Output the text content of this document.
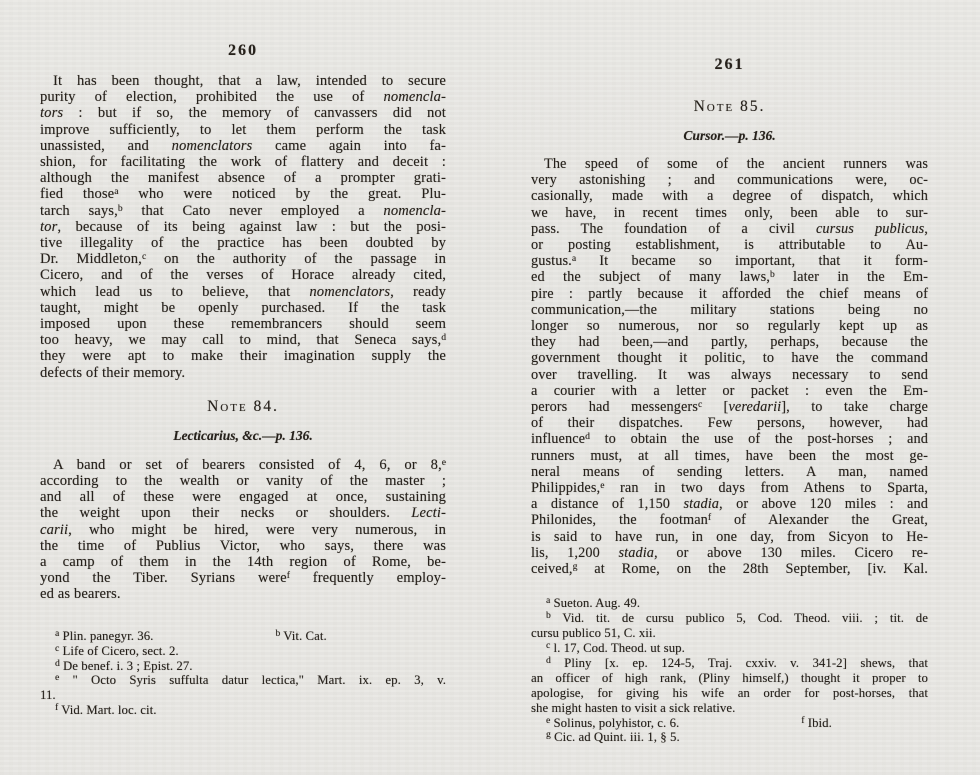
260
It has been thought, that a law, intended to secure
purity of election, prohibited the use of nomencla-
tors : but if so, the memory of canvassers did not
improve sufficiently, to let them perform the task
unassisted, and nomenclators came again into fa-
shion, for facilitating the work of flattery and deceit :
although the manifest absence of a prompter grati-
fied those$^a$ who were noticed by the great. Plu-
tarch says,$^b$ that Cato never employed a nomencla-
tor, because of its being against law : but the posi-
tive illegality of the practice has been doubted by
Dr. Middleton,$^c$ on the authority of the passage in
Cicero, and of the verses of Horace already cited,
which lead us to believe, that nomenclators, ready
taught, might be openly purchased. If the task
imposed upon these remembrancers should seem
too heavy, we may call to mind, that Seneca says,$^d$
they were apt to make their imagination supply the
defects of their memory.
Note 84.
Lecticarius, &c.—p. 136.
A band or set of bearers consisted of 4, 6, or 8,$^e$
according to the wealth or vanity of the master ;
and all of these were engaged at once, sustaining
the weight upon their necks or shoulders. Lecti-
carii, who might be hired, were very numerous, in
the time of Publius Victor, who says, there was
a camp of them in the 14th region of Rome, be-
yond the Tiber. Syrians were$^f$ frequently employ-
ed as bearers.
$^a$ Plin. panegyr. 36.	$^b$ Vit. Cat.
$^c$ Life of Cicero, sect. 2.
$^d$ De benef. i. 3 ; Epist. 27.
$^e$ " Octo Syris suffulta datur lectica," Mart. ix. ep. 3, v.
11.
$^f$ Vid. Mart. loc. cit.
261
Note 85.
Cursor.—p. 136.
The speed of some of the ancient runners was
very astonishing ; and communications were, oc-
casionally, made with a degree of dispatch, which
we have, in recent times only, been able to sur-
pass. The foundation of a civil cursus publicus,
or posting establishment, is attributable to Au-
gustus.$^a$ It became so important, that it form-
ed the subject of many laws,$^b$ later in the Em-
pire : partly because it afforded the chief means of
communication,—the military stations being no
longer so numerous, nor so regularly kept up as
they had been,—and partly, perhaps, because the
government thought it politic, to have the command
over travelling. It was always necessary to send
a courier with a letter or packet : even the Em-
perors had messengers$^c$ [veredarii], to take charge
of their dispatches. Few persons, however, had
influence$^d$ to obtain the use of the post-horses ; and
runners must, at all times, have been the most ge-
neral means of sending letters. A man, named
Philippides,$^e$ ran in two days from Athens to Sparta,
a distance of 1,150 stadia, or above 120 miles : and
Philonides, the footman$^f$ of Alexander the Great,
is said to have run, in one day, from Sicyon to He-
lis, 1,200 stadia, or above 130 miles. Cicero re-
ceived,$^g$ at Rome, on the 28th September, [iv. Kal.
$^a$ Sueton. Aug. 49.
$^b$ Vid. tit. de cursu publico 5, Cod. Theod. viii. ; tit. de
cursu publico 51, C. xii.
$^c$ l. 17, Cod. Theod. ut sup.
$^d$ Pliny [x. ep. 124-5, Traj. cxxiv. v. 341-2] shews, that
an officer of high rank, (Pliny himself,) thought it proper to
apologise, for giving his wife an order for post-horses, that
she might hasten to visit a sick relative.
$^e$ Solinus, polyhistor, c. 6.	$^f$ Ibid.
$^g$ Cic. ad Quint. iii. 1, § 5.
